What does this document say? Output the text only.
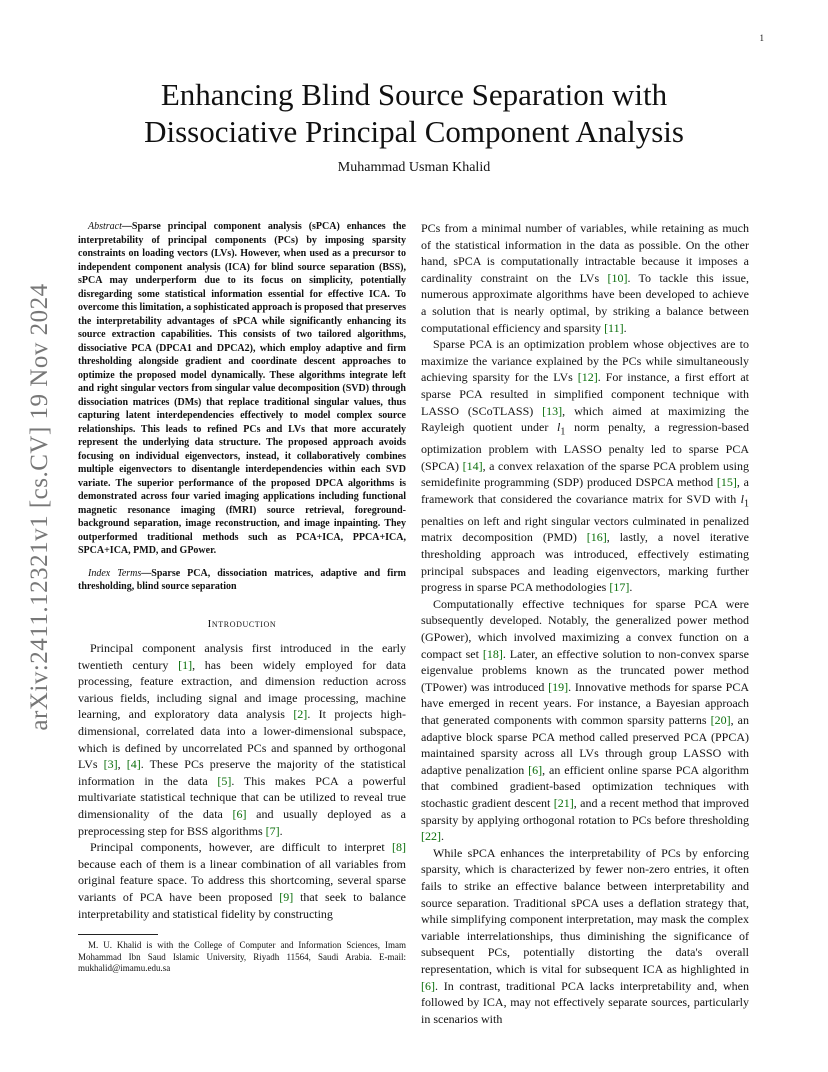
1
arXiv:2411.12321v1 [cs.CV] 19 Nov 2024
Enhancing Blind Source Separation with
Dissociative Principal Component Analysis
Muhammad Usman Khalid

Abstract—Sparse principal component analysis (sPCA) enhances the interpretability of principal components (PCs) by imposing sparsity constraints on loading vectors (LVs). However, when used as a precursor to independent component analysis (ICA) for blind source separation (BSS), sPCA may underperform due to its focus on simplicity, potentially disregarding some statistical information essential for effective ICA. To overcome this limitation, a sophisticated approach is proposed that preserves the interpretability advantages of sPCA while significantly enhancing its source extraction capabilities. This consists of two tailored algorithms, dissociative PCA (DPCA1 and DPCA2), which employ adaptive and firm thresholding alongside gradient and coordinate descent approaches to optimize the proposed model dynamically. These algorithms integrate left and right singular vectors from singular value decomposition (SVD) through dissociation matrices (DMs) that replace traditional singular values, thus capturing latent interdependencies effectively to model complex source relationships. This leads to refined PCs and LVs that more accurately represent the underlying data structure. The proposed approach avoids focusing on individual eigenvectors, instead, it collaboratively combines multiple eigenvectors to disentangle interdependencies within each SVD variate. The superior performance of the proposed DPCA algorithms is demonstrated across four varied imaging applications including functional magnetic resonance imaging (fMRI) source retrieval, foreground-background separation, image reconstruction, and image inpainting. They outperformed traditional methods such as PCA+ICA, PPCA+ICA, SPCA+ICA, PMD, and GPower.

Index Terms—Sparse PCA, dissociation matrices, adaptive and firm thresholding, blind source separation

Introduction

Principal component analysis first introduced in the early twentieth century [1], has been widely employed for data processing, feature extraction, and dimension reduction across various fields, including signal and image processing, machine learning, and exploratory data analysis [2]. It projects high-dimensional, correlated data into a lower-dimensional subspace, which is defined by uncorrelated PCs and spanned by orthogonal LVs [3], [4]. These PCs preserve the majority of the statistical information in the data [5]. This makes PCA a powerful multivariate statistical technique that can be utilized to reveal true dimensionality of the data [6] and usually deployed as a preprocessing step for BSS algorithms [7].

Principal components, however, are difficult to interpret [8] because each of them is a linear combination of all variables from original feature space. To address this shortcoming, several sparse variants of PCA have been proposed [9] that seek to balance interpretability and statistical fidelity by constructing

M. U. Khalid is with the College of Computer and Information Sciences, Imam Mohammad Ibn Saud Islamic University, Riyadh 11564, Saudi Arabia. E-mail: mukhalid@imamu.edu.sa

PCs from a minimal number of variables, while retaining as much of the statistical information in the data as possible. On the other hand, sPCA is computationally intractable because it imposes a cardinality constraint on the LVs [10]. To tackle this issue, numerous approximate algorithms have been developed to achieve a solution that is nearly optimal, by striking a balance between computational efficiency and sparsity [11].

Sparse PCA is an optimization problem whose objectives are to maximize the variance explained by the PCs while simultaneously achieving sparsity for the LVs [12]. For instance, a first effort at sparse PCA resulted in simplified component technique with LASSO (SCoTLASS) [13], which aimed at maximizing the Rayleigh quotient under $l_1$ norm penalty, a regression-based optimization problem with LASSO penalty led to sparse PCA (SPCA) [14], a convex relaxation of the sparse PCA problem using semidefinite programming (SDP) produced DSPCA method [15], a framework that considered the covariance matrix for SVD with $l_1$ penalties on left and right singular vectors culminated in penalized matrix decomposition (PMD) [16], lastly, a novel iterative thresholding approach was introduced, effectively estimating principal subspaces and leading eigenvectors, marking further progress in sparse PCA methodologies [17].

Computationally effective techniques for sparse PCA were subsequently developed. Notably, the generalized power method (GPower), which involved maximizing a convex function on a compact set [18]. Later, an effective solution to non-convex sparse eigenvalue problems known as the truncated power method (TPower) was introduced [19]. Innovative methods for sparse PCA have emerged in recent years. For instance, a Bayesian approach that generated components with common sparsity patterns [20], an adaptive block sparse PCA method called preserved PCA (PPCA) maintained sparsity across all LVs through group LASSO with adaptive penalization [6], an efficient online sparse PCA algorithm that combined gradient-based optimization techniques with stochastic gradient descent [21], and a recent method that improved sparsity by applying orthogonal rotation to PCs before thresholding [22].

While sPCA enhances the interpretability of PCs by enforcing sparsity, which is characterized by fewer non-zero entries, it often fails to strike an effective balance between interpretability and source separation. Traditional sPCA uses a deflation strategy that, while simplifying component interpretation, may mask the complex variable interrelationships, thus diminishing the significance of subsequent PCs, potentially distorting the data's overall representation, which is vital for subsequent ICA as highlighted in [6]. In contrast, traditional PCA lacks interpretability and, when followed by ICA, may not effectively separate sources, particularly in scenarios with
